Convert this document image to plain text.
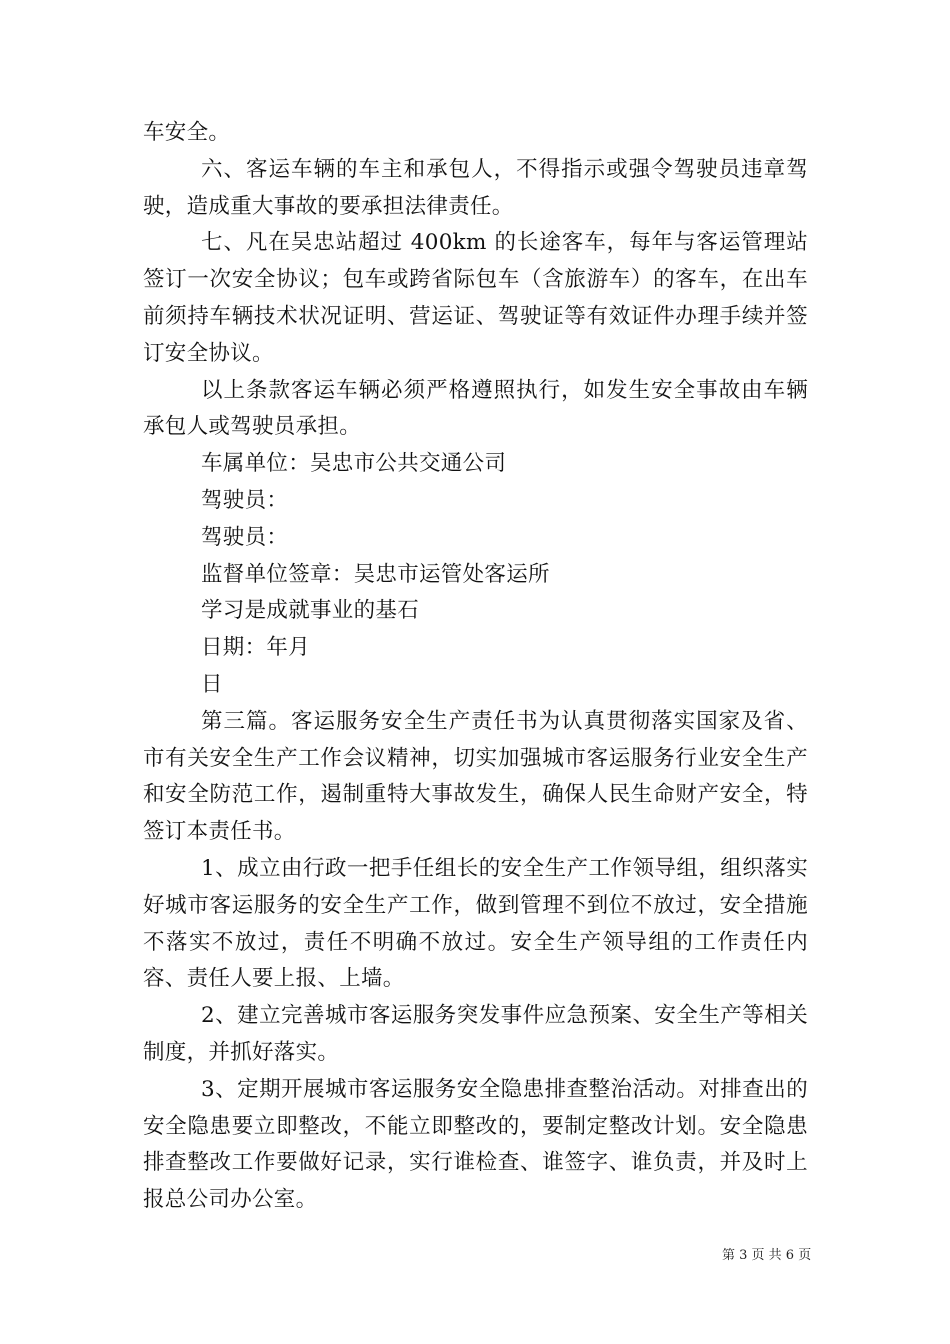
车安全。

六、客运车辆的车主和承包人，不得指示或强令驾驶员违章驾驶，造成重大事故的要承担法律责任。

七、凡在吴忠站超过 400km 的长途客车，每年与客运管理站签订一次安全协议；包车或跨省际包车（含旅游车）的客车，在出车前须持车辆技术状况证明、营运证、驾驶证等有效证件办理手续并签订安全协议。

以上条款客运车辆必须严格遵照执行，如发生安全事故由车辆承包人或驾驶员承担。

车属单位：吴忠市公共交通公司

驾驶员：

驾驶员：

监督单位签章：吴忠市运管处客运所

学习是成就事业的基石

日期：年月

日

第三篇。客运服务安全生产责任书为认真贯彻落实国家及省、市有关安全生产工作会议精神，切实加强城市客运服务行业安全生产和安全防范工作，遏制重特大事故发生，确保人民生命财产安全，特签订本责任书。

1、成立由行政一把手任组长的安全生产工作领导组，组织落实好城市客运服务的安全生产工作，做到管理不到位不放过，安全措施不落实不放过，责任不明确不放过。安全生产领导组的工作责任内容、责任人要上报、上墙。

2、建立完善城市客运服务突发事件应急预案、安全生产等相关制度，并抓好落实。

3、定期开展城市客运服务安全隐患排查整治活动。对排查出的安全隐患要立即整改，不能立即整改的，要制定整改计划。安全隐患排查整改工作要做好记录，实行谁检查、谁签字、谁负责，并及时上报总公司办公室。

第 3 页 共 6 页
